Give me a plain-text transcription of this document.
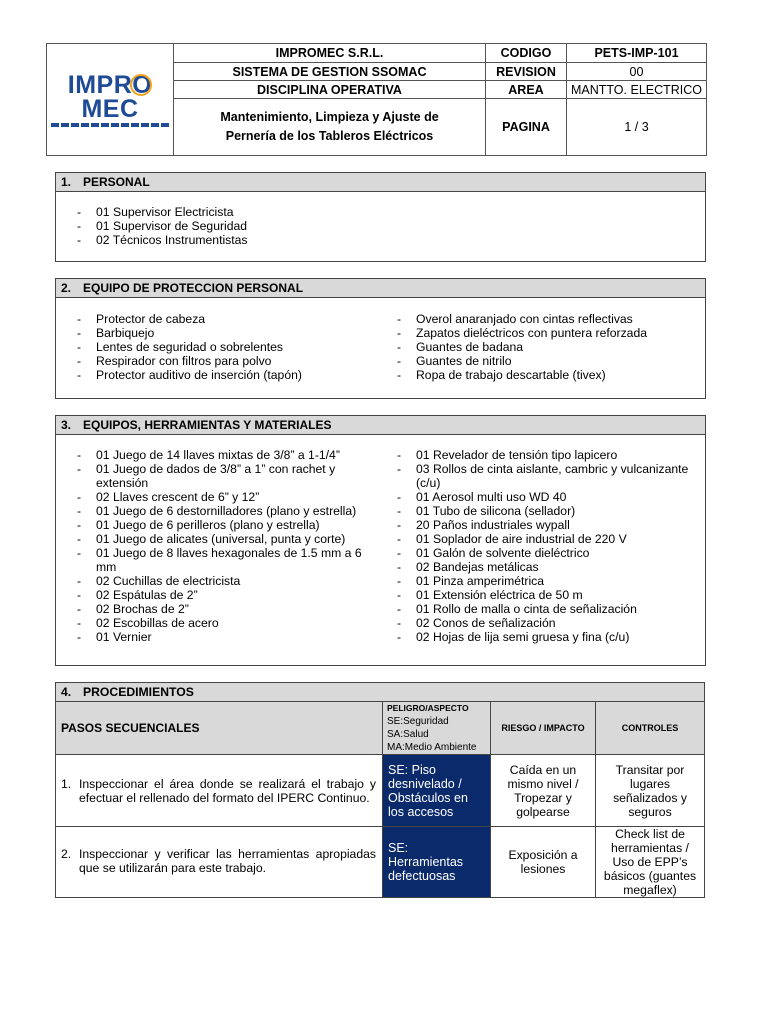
IMPROMEC	IMPROMEC S.R.L.	CODIGO	PETS-IMP-101
	SISTEMA DE GESTION SSOMAC	REVISION	00
	DISCIPLINA OPERATIVA	AREA	MANTTO. ELECTRICO
	Mantenimiento, Limpieza y Ajuste de
Pernería de los Tableros Eléctricos	PAGINA	1 / 3
1. PERSONAL
- 01 Supervisor Electricista
- 01 Supervisor de Seguridad
- 02 Técnicos Instrumentistas
2. EQUIPO DE PROTECCION PERSONAL
- Protector de cabeza
- Barbiquejo
- Lentes de seguridad o sobrelentes
- Respirador con filtros para polvo
- Protector auditivo de inserción (tapón)
- Overol anaranjado con cintas reflectivas
- Zapatos dieléctricos con puntera reforzada
- Guantes de badana
- Guantes de nitrilo
- Ropa de trabajo descartable (tivex)
3. EQUIPOS, HERRAMIENTAS Y MATERIALES
- 01 Juego de 14 llaves mixtas de 3/8” a 1-1/4”
- 01 Juego de dados de 3/8” a 1” con rachet y extensión
- 02 Llaves crescent de 6” y 12”
- 01 Juego de 6 destornilladores (plano y estrella)
- 01 Juego de 6 perilleros (plano y estrella)
- 01 Juego de alicates (universal, punta y corte)
- 01 Juego de 8 llaves hexagonales de 1.5 mm a 6 mm
- 02 Cuchillas de electricista
- 02 Espátulas de 2”
- 02 Brochas de 2”
- 02 Escobillas de acero
- 01 Vernier
- 01 Revelador de tensión tipo lapicero
- 03 Rollos de cinta aislante, cambric y vulcanizante (c/u)
- 01 Aerosol multi uso WD 40
- 01 Tubo de silicona (sellador)
- 20 Paños industriales wypall
- 01 Soplador de aire industrial de 220 V
- 01 Galón de solvente dieléctrico
- 02 Bandejas metálicas
- 01 Pinza amperimétrica
- 01 Extensión eléctrica de 50 m
- 01 Rollo de malla o cinta de señalización
- 02 Conos de señalización
- 02 Hojas de lija semi gruesa y fina (c/u)
4. PROCEDIMIENTOS			
PASOS SECUENCIALES	PELIGRO/ASPECTO
SE:Seguridad
SA:Salud
MA:Medio Ambiente	RIESGO / IMPACTO	CONTROLES

1. Inspeccionar el área donde se realizará el trabajo y efectuar el rellenado del formato del IPERC Continuo.	SE: Piso desnivelado / Obstáculos en los accesos	Caída en un mismo nivel / Tropezar y golpearse	Transitar por lugares señalizados y seguros

2. Inspeccionar y verificar las herramientas apropiadas que se utilizarán para este trabajo.	SE: Herramientas defectuosas	Exposición a lesiones	Check list de herramientas / Uso de EPP’s básicos (guantes megaflex)
